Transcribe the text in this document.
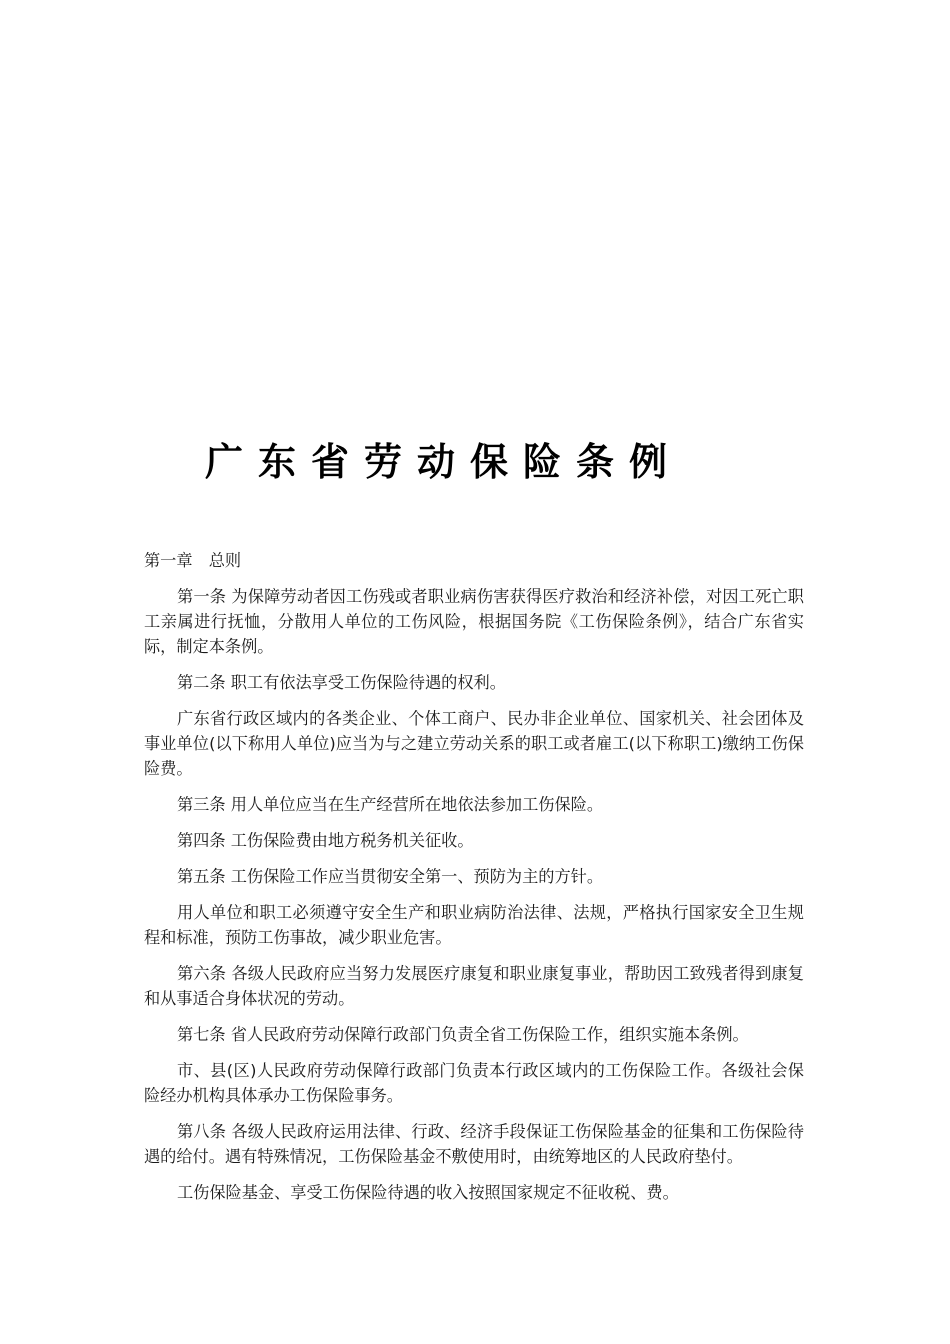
广东省劳动保险条例

第一章　总则

第一条 为保障劳动者因工伤残或者职业病伤害获得医疗救治和经济补偿，对因工死亡职工亲属进行抚恤，分散用人单位的工伤风险，根据国务院《工伤保险条例》，结合广东省实际，制定本条例。

第二条 职工有依法享受工伤保险待遇的权利。

广东省行政区域内的各类企业、个体工商户、民办非企业单位、国家机关、社会团体及事业单位(以下称用人单位)应当为与之建立劳动关系的职工或者雇工(以下称职工)缴纳工伤保险费。

第三条 用人单位应当在生产经营所在地依法参加工伤保险。

第四条 工伤保险费由地方税务机关征收。

第五条 工伤保险工作应当贯彻安全第一、预防为主的方针。

用人单位和职工必须遵守安全生产和职业病防治法律、法规，严格执行国家安全卫生规程和标准，预防工伤事故，减少职业危害。

第六条 各级人民政府应当努力发展医疗康复和职业康复事业，帮助因工致残者得到康复和从事适合身体状况的劳动。

第七条 省人民政府劳动保障行政部门负责全省工伤保险工作，组织实施本条例。

市、县(区)人民政府劳动保障行政部门负责本行政区域内的工伤保险工作。各级社会保险经办机构具体承办工伤保险事务。

第八条 各级人民政府运用法律、行政、经济手段保证工伤保险基金的征集和工伤保险待遇的给付。遇有特殊情况，工伤保险基金不敷使用时，由统筹地区的人民政府垫付。

工伤保险基金、享受工伤保险待遇的收入按照国家规定不征收税、费。
